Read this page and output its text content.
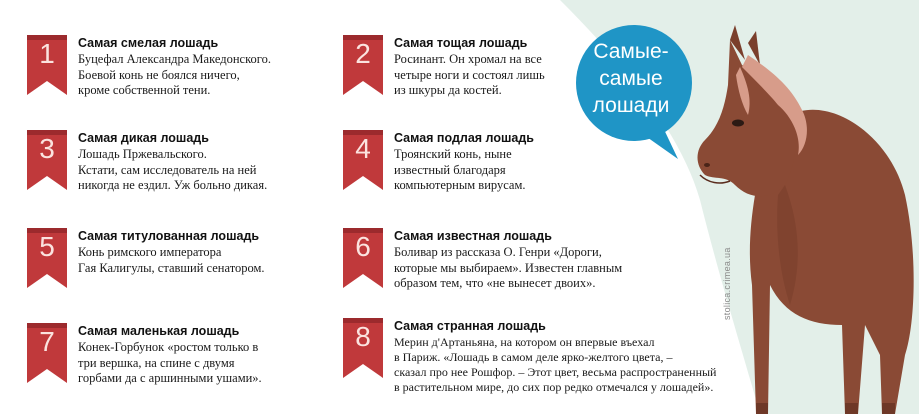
1	Самая смелая лошадь
Буцефал Александра Македонского.
Боевой конь не боялся ничего,
кроме собственной тени.
2	Самая тощая лошадь
Росинант. Он хромал на все
четыре ноги и состоял лишь
из шкуры да костей.
3	Самая дикая лошадь
Лошадь Пржевальского.
Кстати, сам исследователь на ней
никогда не ездил. Уж больно дикая.
4	Самая подлая лошадь
Троянский конь, ныне
известный благодаря
компьютерным вирусам.
5	Самая титулованная лошадь
Конь римского императора
Гая Калигулы, ставший сенатором.
6	Самая известная лошадь
Боливар из рассказа О. Генри «Дороги,
которые мы выбираем». Известен главным
образом тем, что «не вынесет двоих».
7	Самая маленькая лошадь
Конек-Горбунок «ростом только в
три вершка, на спине с двумя
горбами да с аршинными ушами».
8	Самая странная лошадь
Мерин д'Артаньяна, на котором он впервые въехал
в Париж. «Лошадь в самом деле ярко-желтого цвета, –
сказал про нее Рошфор. – Этот цвет, весьма распространенный
в растительном мире, до сих пор редко отмечался у лошадей».
Самые-
самые
лошади
stolica.crimea.ua
